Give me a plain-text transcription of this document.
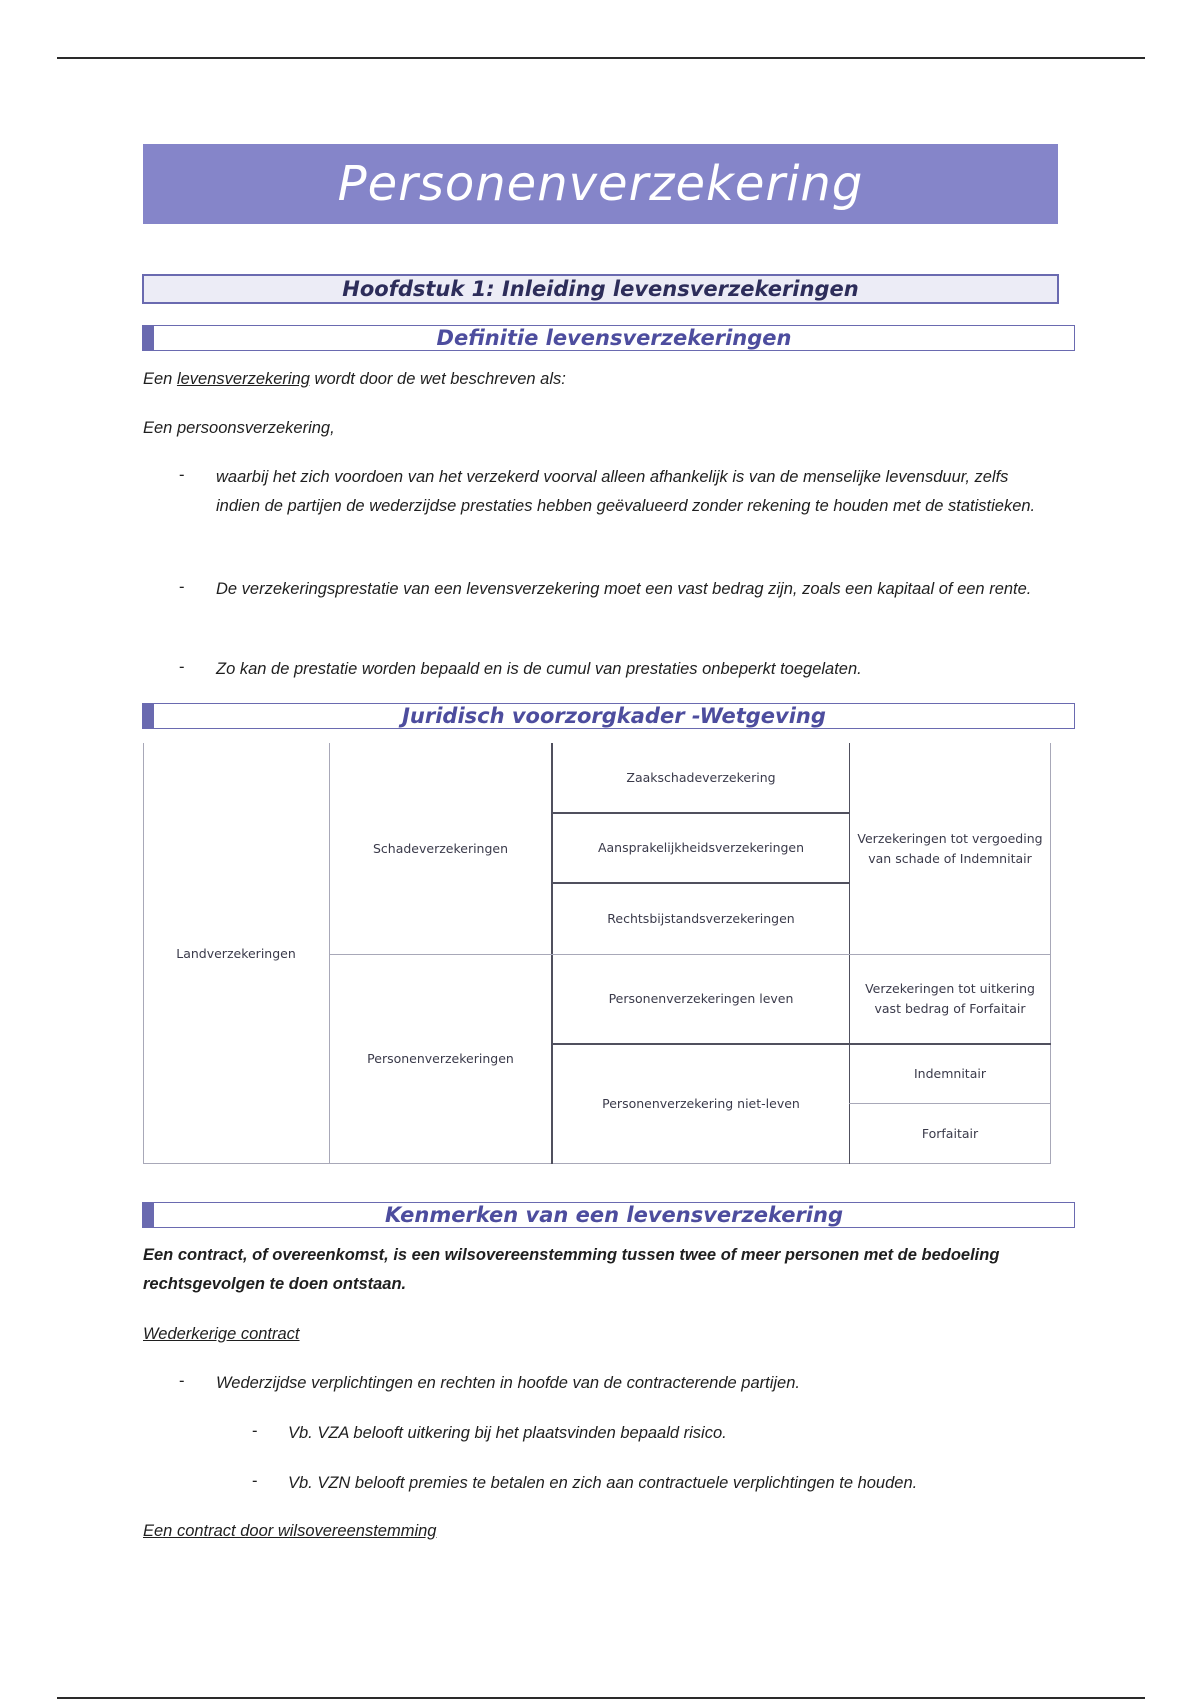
Personenverzekering
Hoofdstuk 1: Inleiding levensverzekeringen
Definitie levensverzekeringen
Een levensverzekering wordt door de wet beschreven als:
Een persoonsverzekering,
- waarbij het zich voordoen van het verzekerd voorval alleen afhankelijk is van de menselijke levensduur, zelfs indien de partijen de wederzijdse prestaties hebben geëvalueerd zonder rekening te houden met de statistieken.
- De verzekeringsprestatie van een levensverzekering moet een vast bedrag zijn, zoals een kapitaal of een rente.
- Zo kan de prestatie worden bepaald en is de cumul van prestaties onbeperkt toegelaten.
Juridisch voorzorgkader -Wetgeving
Landverzekeringen
Schadeverzekeringen
Personenverzekeringen
Zaakschadeverzekering
Aansprakelijkheidsverzekeringen
Rechtsbijstandsverzekeringen
Personenverzekeringen leven
Personenverzekering niet-leven
Verzekeringen tot vergoeding van schade of Indemnitair
Verzekeringen tot uitkering vast bedrag of Forfaitair
Indemnitair
Forfaitair
Kenmerken van een levensverzekering
Een contract, of overeenkomst, is een wilsovereenstemming tussen twee of meer personen met de bedoeling rechtsgevolgen te doen ontstaan.
Wederkerige contract
- Wederzijdse verplichtingen en rechten in hoofde van de contracterende partijen.
- Vb. VZA belooft uitkering bij het plaatsvinden bepaald risico.
- Vb. VZN belooft premies te betalen en zich aan contractuele verplichtingen te houden.
Een contract door wilsovereenstemming
